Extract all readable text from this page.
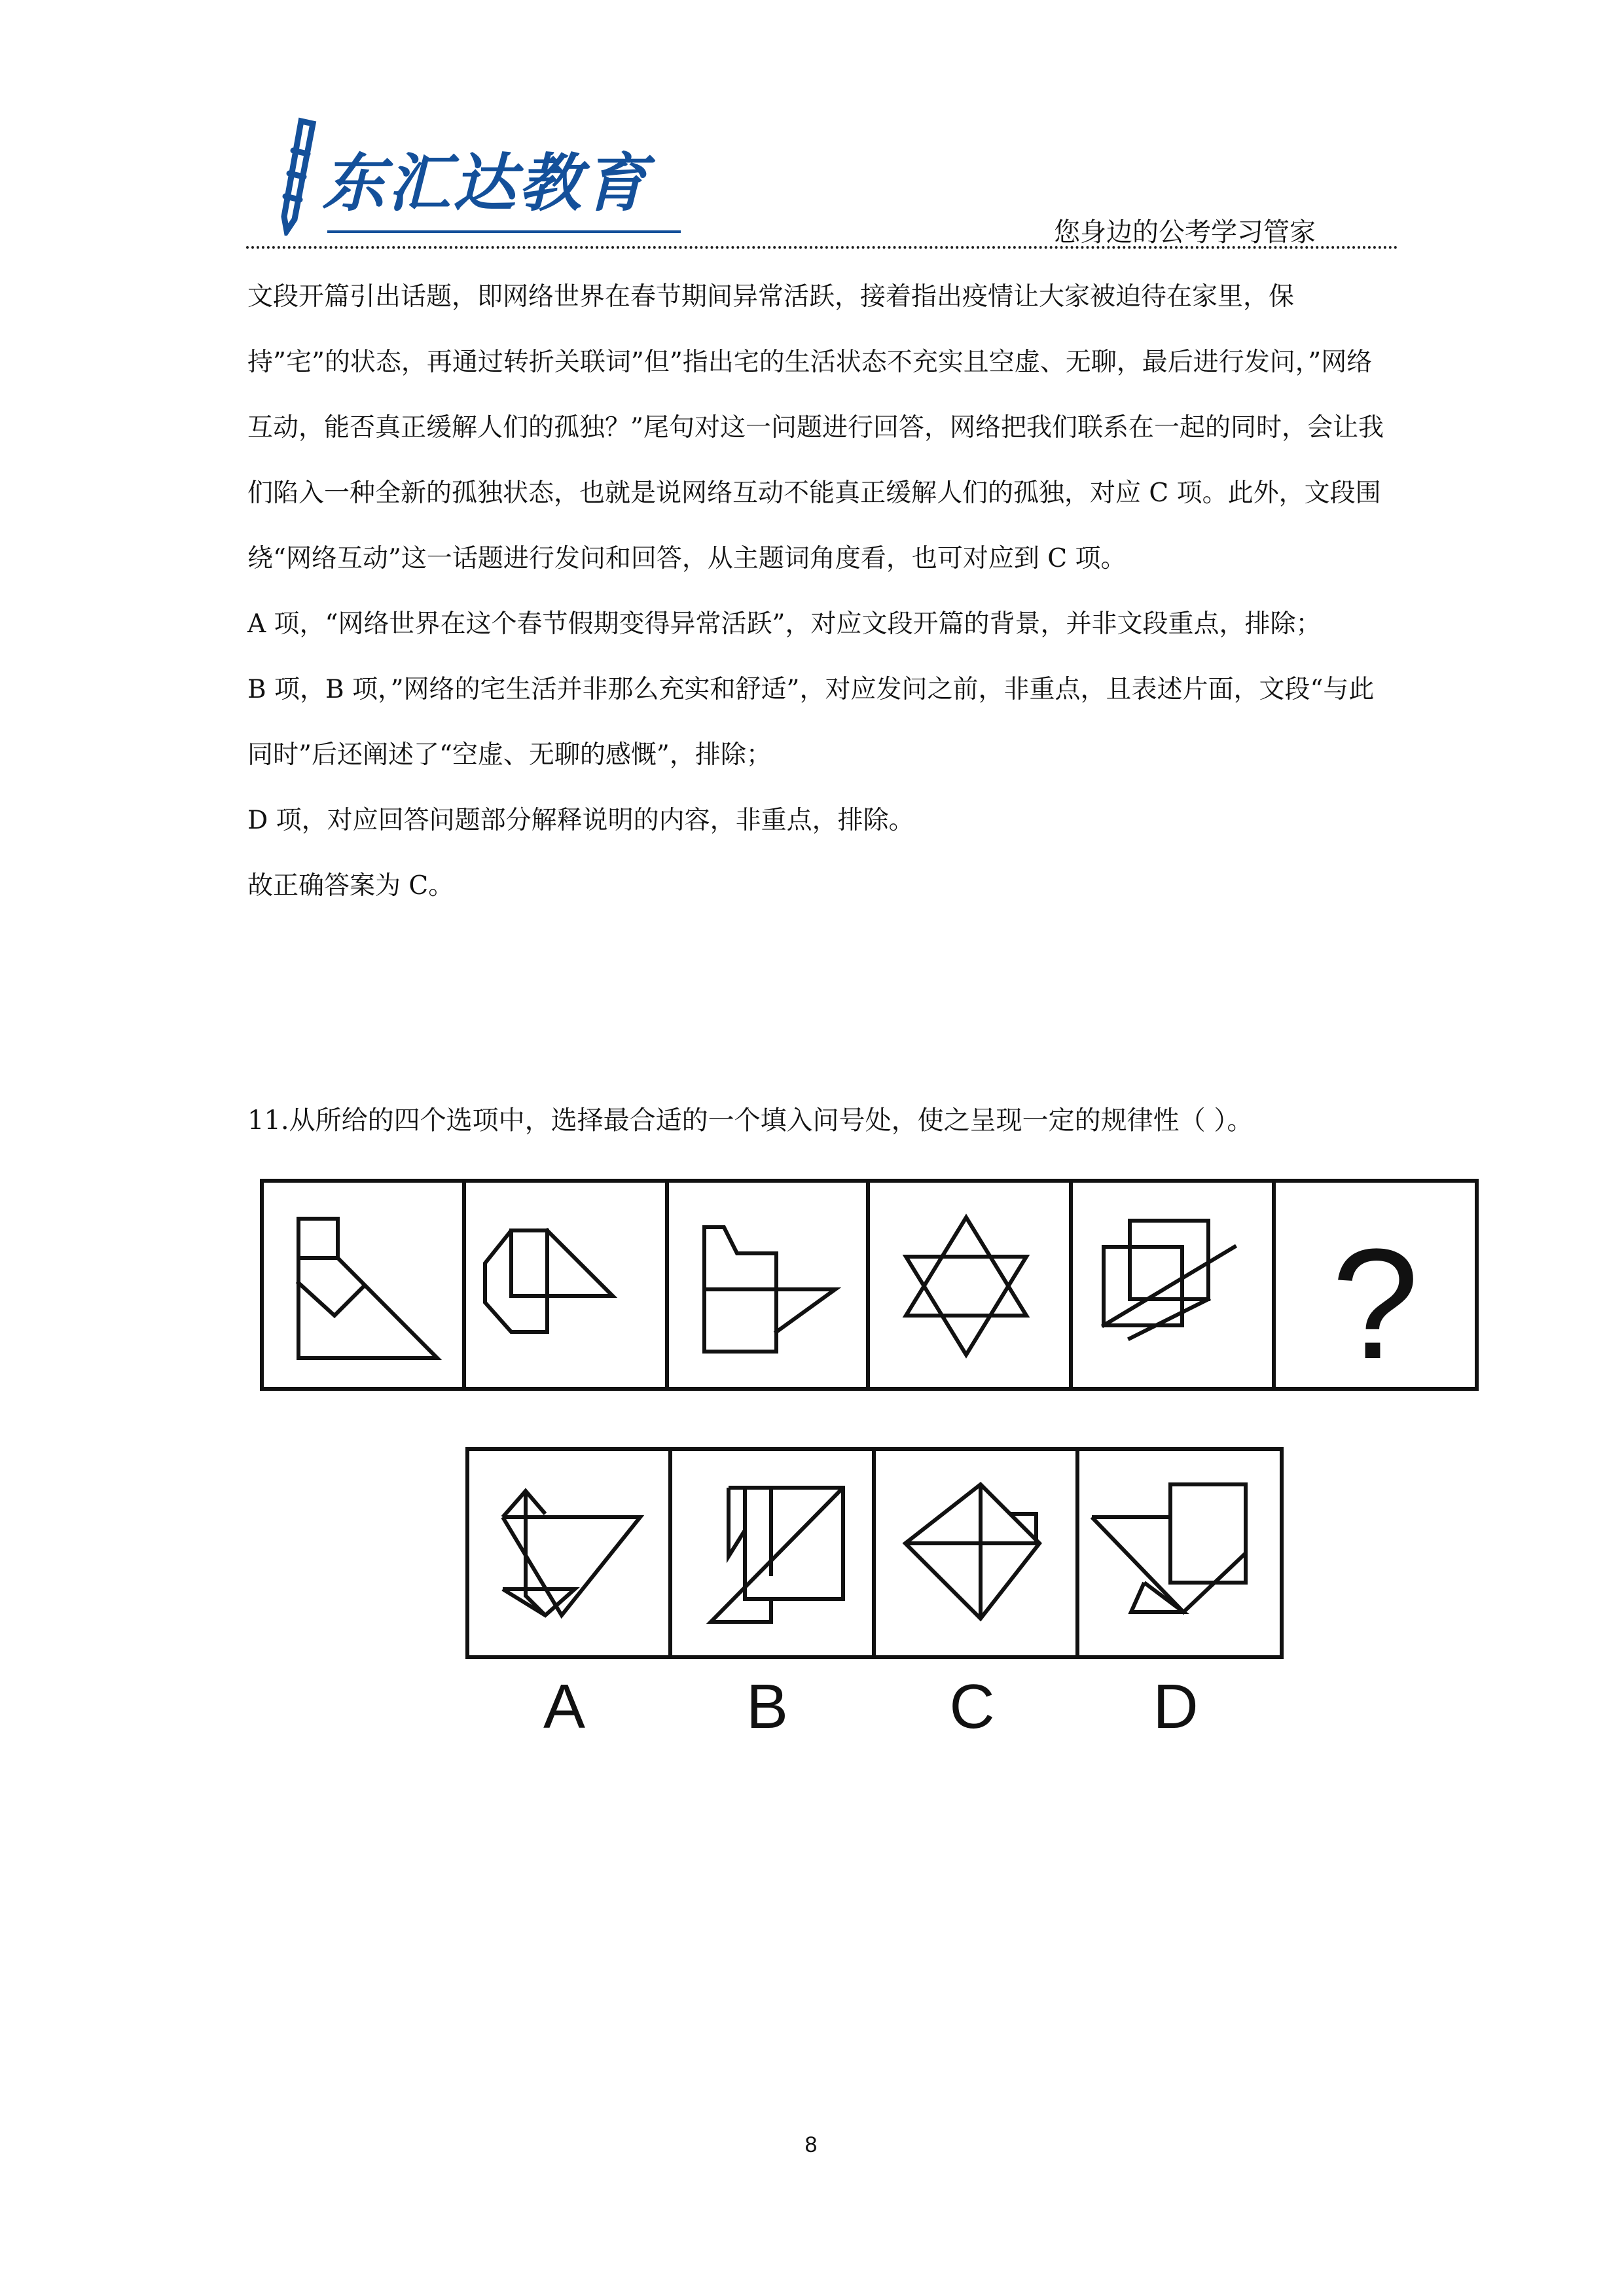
东汇达教育
您身边的公考学习管家

文段开篇引出话题，即网络世界在春节期间异常活跃，接着指出疫情让大家被迫待在家里，保持”宅”的状态，再通过转折关联词”但”指出宅的生活状态不充实且空虚、无聊，最后进行发问，”网络互动，能否真正缓解人们的孤独？”尾句对这一问题进行回答，网络把我们联系在一起的同时，会让我们陷入一种全新的孤独状态，也就是说网络互动不能真正缓解人们的孤独，对应 C 项。此外，文段围绕“网络互动”这一话题进行发问和回答，从主题词角度看，也可对应到 C 项。

A 项，“网络世界在这个春节假期变得异常活跃”，对应文段开篇的背景，并非文段重点，排除；

B 项，B 项，”网络的宅生活并非那么充实和舒适”，对应发问之前，非重点，且表述片面，文段“与此同时”后还阐述了“空虚、无聊的感慨”，排除；

D 项，对应回答问题部分解释说明的内容，非重点，排除。

故正确答案为 C。

11.从所给的四个选项中，选择最合适的一个填入问号处，使之呈现一定的规律性（ ）。
?
A	B	C	D
8
